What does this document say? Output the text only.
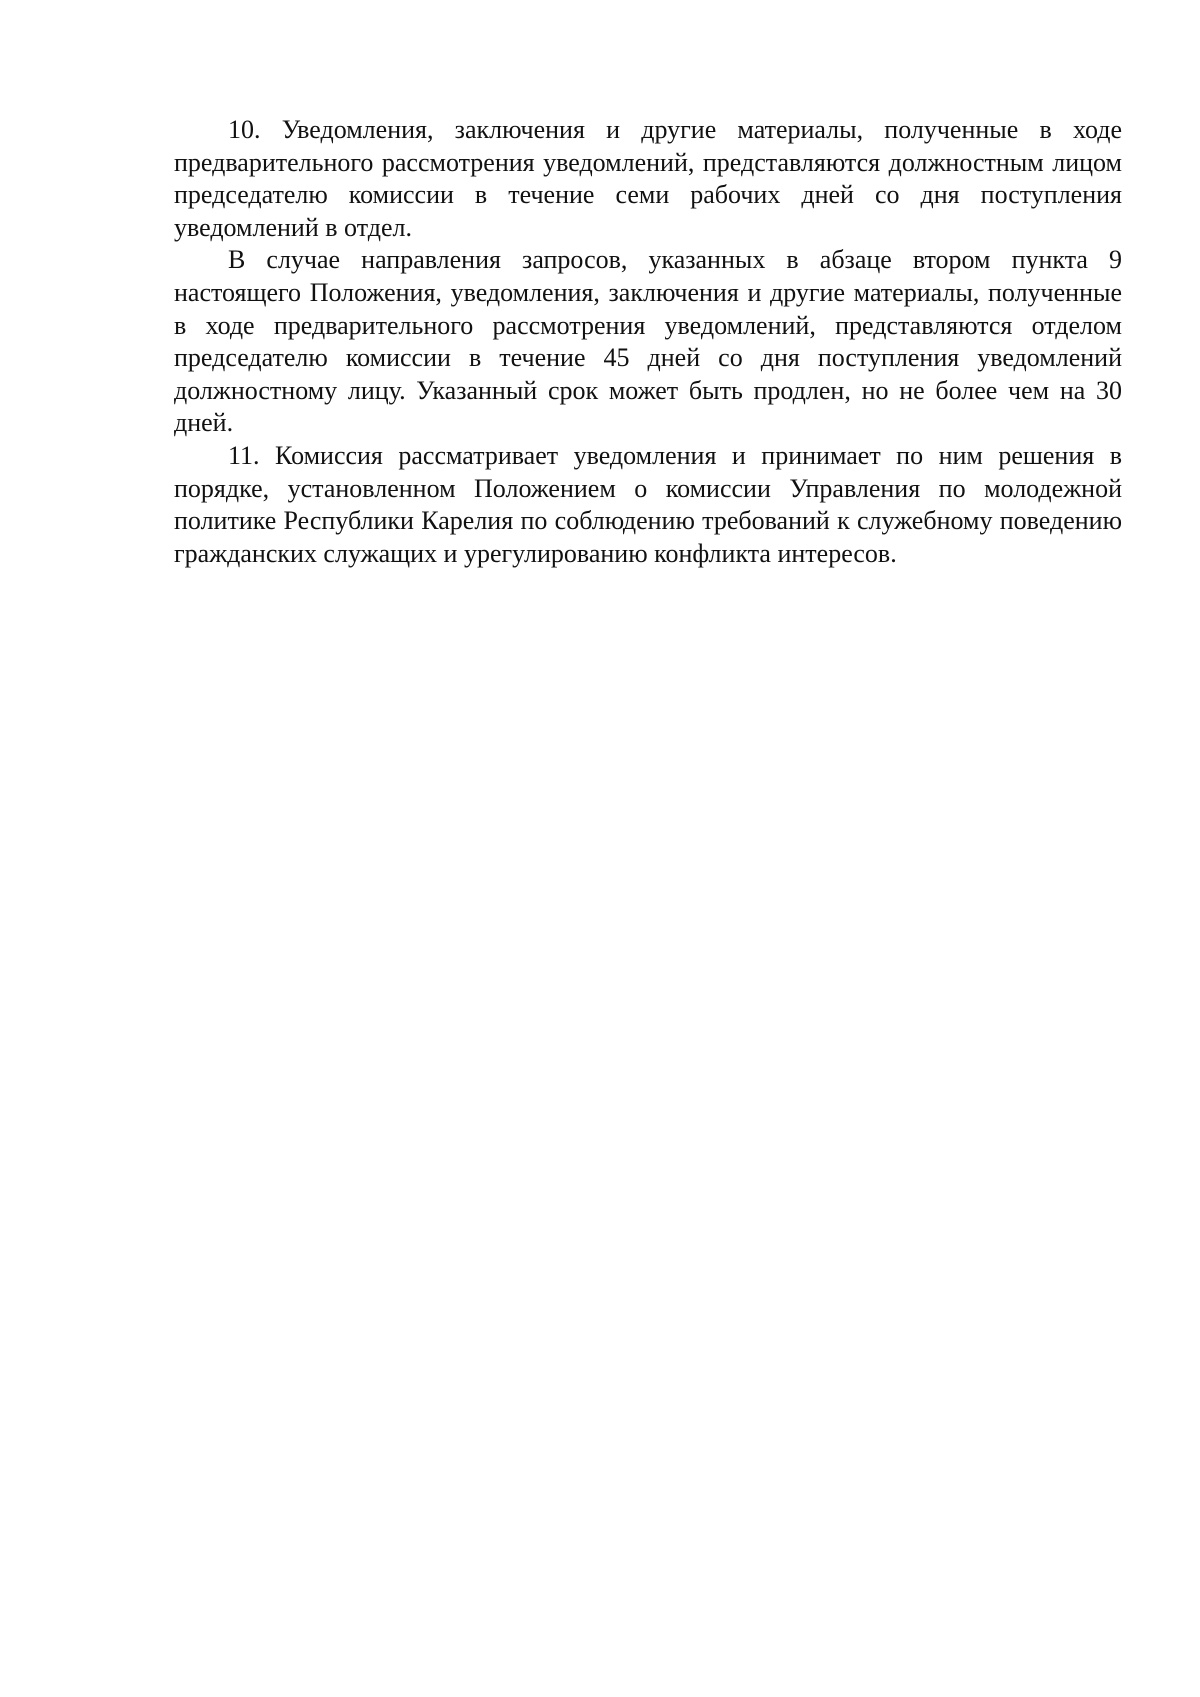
10. Уведомления, заключения и другие материалы, полученные в ходе предварительного рассмотрения уведомлений, представляются должностным лицом председателю комиссии в течение семи рабочих дней со дня поступления уведомлений в отдел.

В случае направления запросов, указанных в абзаце втором пункта 9 настоящего Положения, уведомления, заключения и другие материалы, полученные в ходе предварительного рассмотрения уведомлений, представляются отделом председателю комиссии в течение 45 дней со дня поступления уведомлений должностному лицу. Указанный срок может быть продлен, но не более чем на 30 дней.

11. Комиссия рассматривает уведомления и принимает по ним решения в порядке, установленном Положением о комиссии Управления по молодежной политике Республики Карелия по соблюдению требований к служебному поведению гражданских служащих и урегулированию конфликта интересов.
